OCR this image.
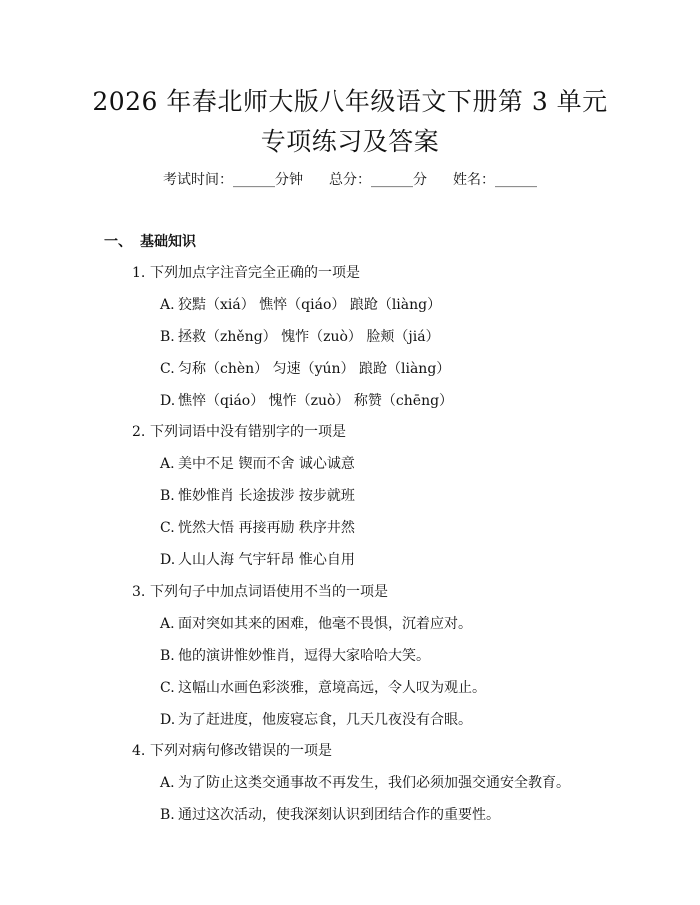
2026 年春北师大版八年级语文下册第 3 单元
专项练习及答案
考试时间：______分钟 总分：______分 姓名：______
一、 基础知识
1. 下列加点字注音完全正确的一项是
A. 狡黠（xiá） 憔悴（qiáo） 踉跄（liàng）
B. 拯救（zhěng） 愧怍（zuò） 脸颊（jiá）
C. 匀称（chèn） 匀速（yún） 踉跄（liàng）
D. 憔悴（qiáo） 愧怍（zuò） 称赞（chēng）
2. 下列词语中没有错别字的一项是
A. 美中不足 锲而不舍 诚心诚意
B. 惟妙惟肖 长途拔涉 按步就班
C. 恍然大悟 再接再励 秩序井然
D. 人山人海 气宇轩昂 惟心自用
3. 下列句子中加点词语使用不当的一项是
A. 面对突如其来的困难，他毫不畏惧，沉着应对。
B. 他的演讲惟妙惟肖，逗得大家哈哈大笑。
C. 这幅山水画色彩淡雅，意境高远，令人叹为观止。
D. 为了赶进度，他废寝忘食，几天几夜没有合眼。
4. 下列对病句修改错误的一项是
A. 为了防止这类交通事故不再发生，我们必须加强交通安全教育。
B. 通过这次活动，使我深刻认识到团结合作的重要性。
